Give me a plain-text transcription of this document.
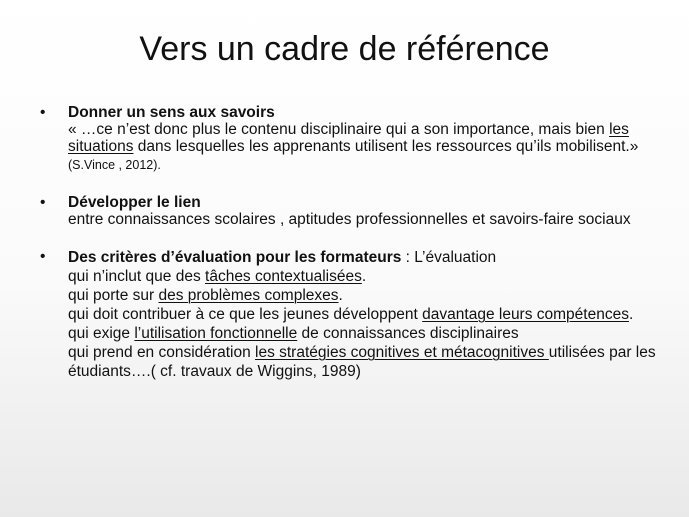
Vers un cadre de référence
• Donner un sens aux savoirs
« …ce n’est donc plus le contenu disciplinaire qui a son importance, mais bien les situations dans lesquelles les apprenants utilisent les ressources qu’ils mobilisent.» (S.Vince , 2012).
• Développer le lien
entre connaissances scolaires , aptitudes professionnelles et savoirs-faire sociaux
• Des critères d’évaluation pour les formateurs : L’évaluation
qui n’inclut que des tâches contextualisées.
qui porte sur des problèmes complexes.
qui doit contribuer à ce que les jeunes développent davantage leurs compétences.
qui exige l’utilisation fonctionnelle de connaissances disciplinaires
qui prend en considération les stratégies cognitives et métacognitives utilisées par les étudiants….( cf. travaux de Wiggins, 1989)
